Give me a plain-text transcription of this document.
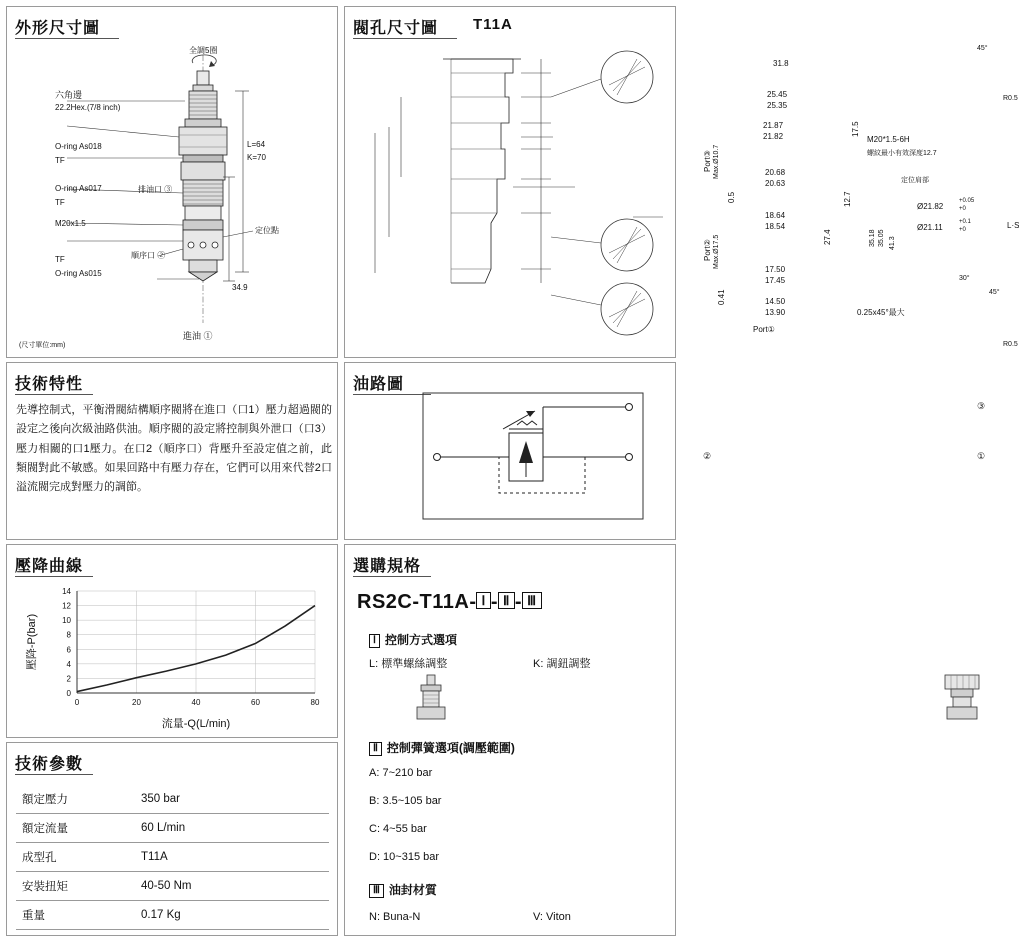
外形尺寸圖
全調5圈
六角邊
22.2Hex.(7/8 inch)
O-ring As018
TF
O-ring As017	排油口 ③
TF
M20x1.5
TF
O-ring As015
順序口 ②
進油 ①
定位點
L=64
K=70
34.9
(尺寸單位:mm)
閥孔尺寸圖 T11A
31.8
25.45
25.35
21.87
21.82
20.68
20.63
18.64
18.54
17.50
17.45
14.50
13.90
17.5
12.7
27.4	35.18 35.05 41.3
Port③ Max.Ø10.7
Port② Max.Ø17.5
0.5
0.41
Port①
M20*1.5-6H
螺紋最小有效深度12.7
定位肩部
Ø21.82
+0.05
+0
Ø21.11
+0.1
+0	L·S
0.25x45°最大
45°
R0.5
30°
45°
R0.5
技術特性
先導控制式，平衡滑閥結構順序閥將在進口（口1）壓力超過閥的設定之後向次級油路供油。順序閥的設定將控制與外泄口（口3）壓力相關的口1壓力。在口2（順序口）背壓升至設定值之前，此類閥對此不敏感。如果回路中有壓力存在，它們可以用來代替2口溢流閥完成對壓力的調節。
油路圖
③
①
②
壓降曲線
0
2
4
6
8
10
12
14
0	20	40	60	80
流量-Q(L/min)
壓降-P(bar)
技術參數
額定壓力	350 bar
額定流量	60 L/min
成型孔	T11A
安裝扭矩	40-50 Nm
重量	0.17 Kg
選購規格
RS2C-T11A- Ⅰ - Ⅱ - Ⅲ
Ⅰ 控制方式選項
L: 標準螺絲調整	K: 調鈕調整
Ⅱ 控制彈簧選項(調壓範圍)
A: 7~210 bar
B: 3.5~105 bar
C: 4~55 bar
D: 10~315 bar
Ⅲ 油封材質
N: Buna-N	V: Viton
